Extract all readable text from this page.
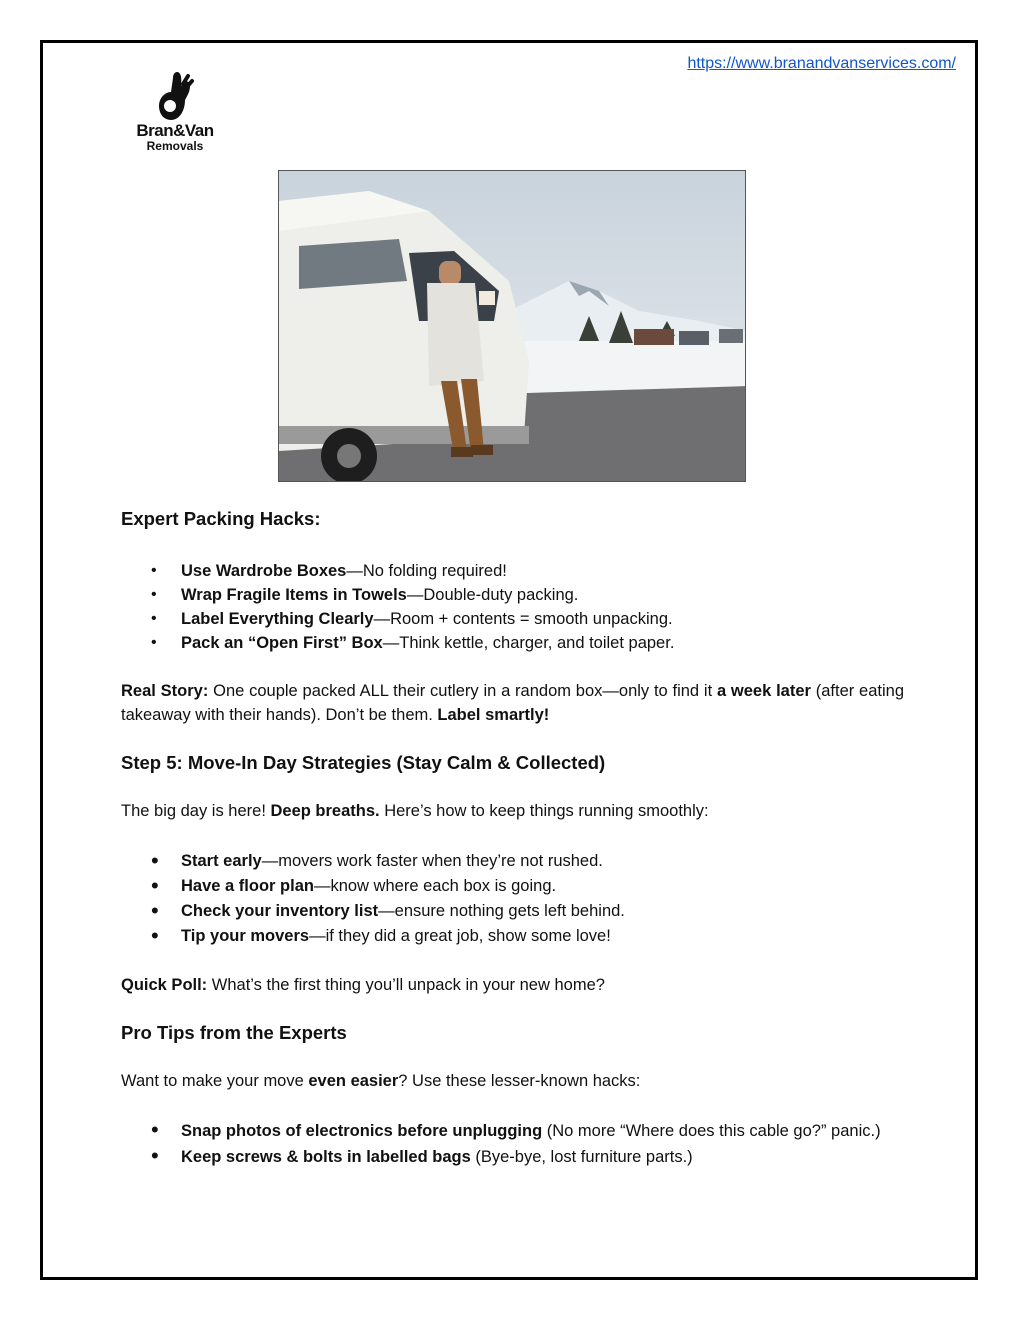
https://www.branandvanservices.com/
Bran&Van
Removals
Expert Packing Hacks:
• Use Wardrobe Boxes—No folding required!
• Wrap Fragile Items in Towels—Double-duty packing.
• Label Everything Clearly—Room + contents = smooth unpacking.
• Pack an “Open First” Box—Think kettle, charger, and toilet paper.

Real Story: One couple packed ALL their cutlery in a random box—only to find it a week later (after eating takeaway with their hands). Don’t be them. Label smartly!

Step 5: Move-In Day Strategies (Stay Calm & Collected)

The big day is here! Deep breaths. Here’s how to keep things running smoothly:

• Start early—movers work faster when they’re not rushed.
• Have a floor plan—know where each box is going.
• Check your inventory list—ensure nothing gets left behind.
• Tip your movers—if they did a great job, show some love!

Quick Poll: What’s the first thing you’ll unpack in your new home?

Pro Tips from the Experts

Want to make your move even easier? Use these lesser-known hacks:

• Snap photos of electronics before unplugging (No more “Where does this cable go?” panic.)
• Keep screws & bolts in labelled bags (Bye-bye, lost furniture parts.)
